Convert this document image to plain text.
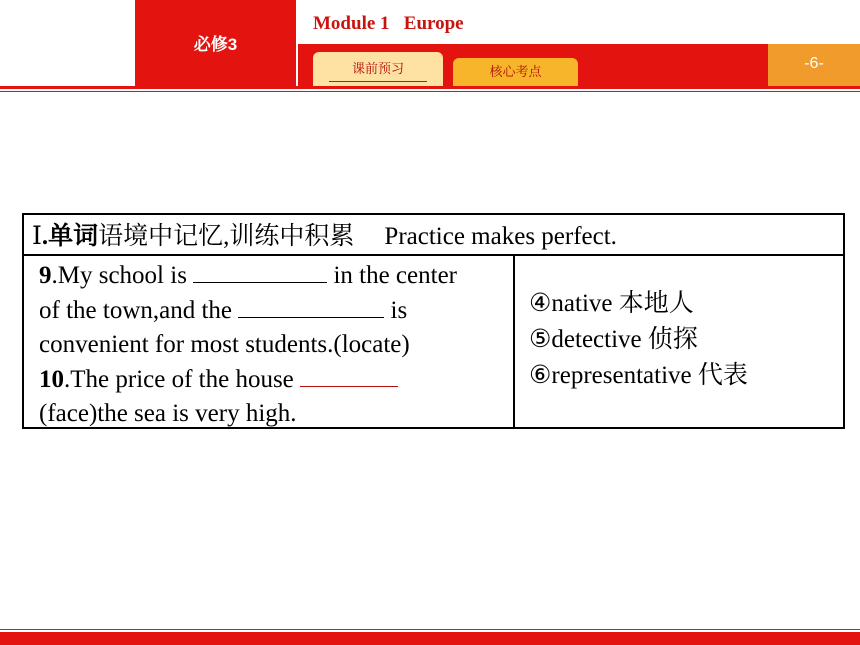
必修3
Module 1   Europe
-6-
课前预习	核心考点
Ⅰ.单词语境中记忆,训练中积累 Practice makes perfect.

9.My school is	in the center

of the town,and the	is

convenient for most students.(locate)

10.The price of the house

(face)the sea is very high.

④native 本地人

⑤detective 侦探

⑥representative 代表
